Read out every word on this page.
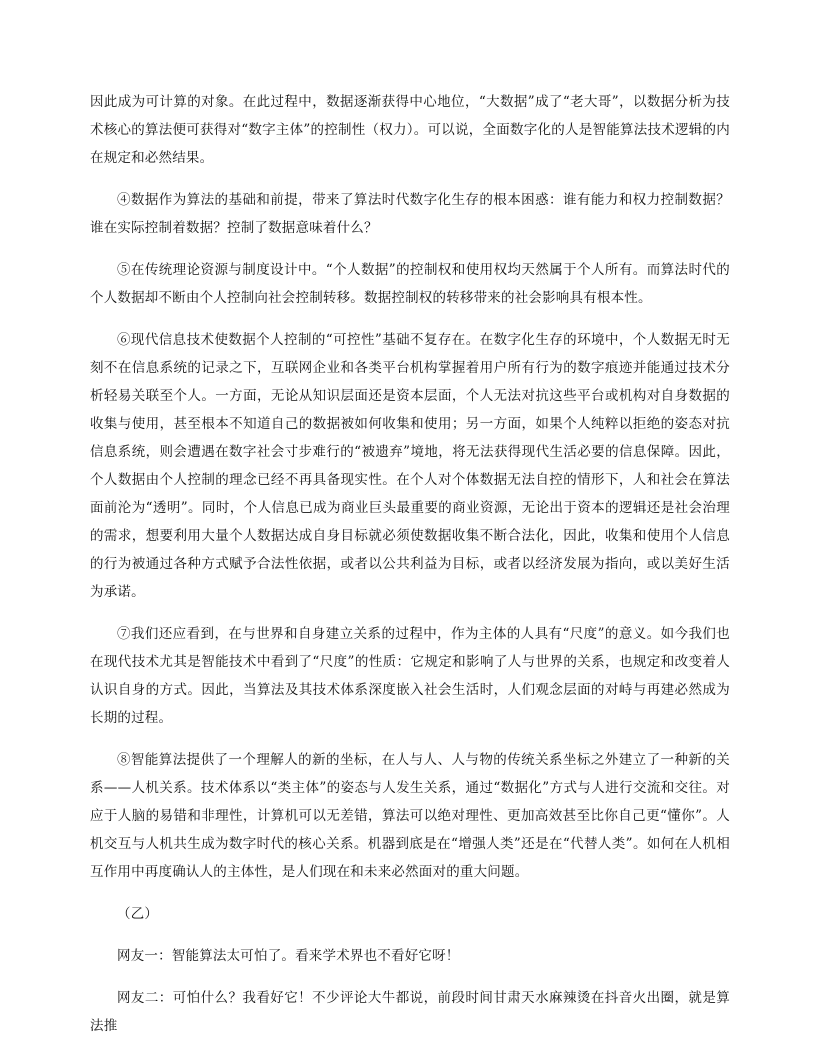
因此成为可计算的对象。在此过程中，数据逐渐获得中心地位，“大数据”成了“老大哥”，以数据分析为技术核心的算法便可获得对“数字主体”的控制性（权力）。可以说，全面数字化的人是智能算法技术逻辑的内在规定和必然结果。

④数据作为算法的基础和前提，带来了算法时代数字化生存的根本困惑：谁有能力和权力控制数据？谁在实际控制着数据？控制了数据意味着什么？

⑤在传统理论资源与制度设计中。“个人数据”的控制权和使用权均天然属于个人所有。而算法时代的个人数据却不断由个人控制向社会控制转移。数据控制权的转移带来的社会影响具有根本性。

⑥现代信息技术使数据个人控制的“可控性”基础不复存在。在数字化生存的环境中，个人数据无时无刻不在信息系统的记录之下，互联网企业和各类平台机构掌握着用户所有行为的数字痕迹并能通过技术分析轻易关联至个人。一方面，无论从知识层面还是资本层面，个人无法对抗这些平台或机构对自身数据的收集与使用，甚至根本不知道自己的数据被如何收集和使用；另一方面，如果个人纯粹以拒绝的姿态对抗信息系统，则会遭遇在数字社会寸步难行的“被遗弃”境地，将无法获得现代生活必要的信息保障。因此，个人数据由个人控制的理念已经不再具备现实性。在个人对个体数据无法自控的情形下，人和社会在算法面前沦为“透明”。同时，个人信息已成为商业巨头最重要的商业资源，无论出于资本的逻辑还是社会治理的需求，想要利用大量个人数据达成自身目标就必须使数据收集不断合法化，因此，收集和使用个人信息的行为被通过各种方式赋予合法性依据，或者以公共利益为目标，或者以经济发展为指向，或以美好生活为承诺。

⑦我们还应看到，在与世界和自身建立关系的过程中，作为主体的人具有“尺度”的意义。如今我们也在现代技术尤其是智能技术中看到了“尺度”的性质：它规定和影响了人与世界的关系，也规定和改变着人认识自身的方式。因此，当算法及其技术体系深度嵌入社会生活时，人们观念层面的对峙与再建必然成为长期的过程。

⑧智能算法提供了一个理解人的新的坐标，在人与人、人与物的传统关系坐标之外建立了一种新的关系——人机关系。技术体系以“类主体”的姿态与人发生关系，通过“数据化”方式与人进行交流和交往。对应于人脑的易错和非理性，计算机可以无差错，算法可以绝对理性、更加高效甚至比你自己更“懂你”。人机交互与人机共生成为数字时代的核心关系。机器到底是在“增强人类”还是在“代替人类”。如何在人机相互作用中再度确认人的主体性，是人们现在和未来必然面对的重大问题。

（乙）

网友一：智能算法太可怕了。看来学术界也不看好它呀！

网友二：可怕什么？我看好它！不少评论大牛都说，前段时间甘肃天水麻辣烫在抖音火出圈，就是算法推
